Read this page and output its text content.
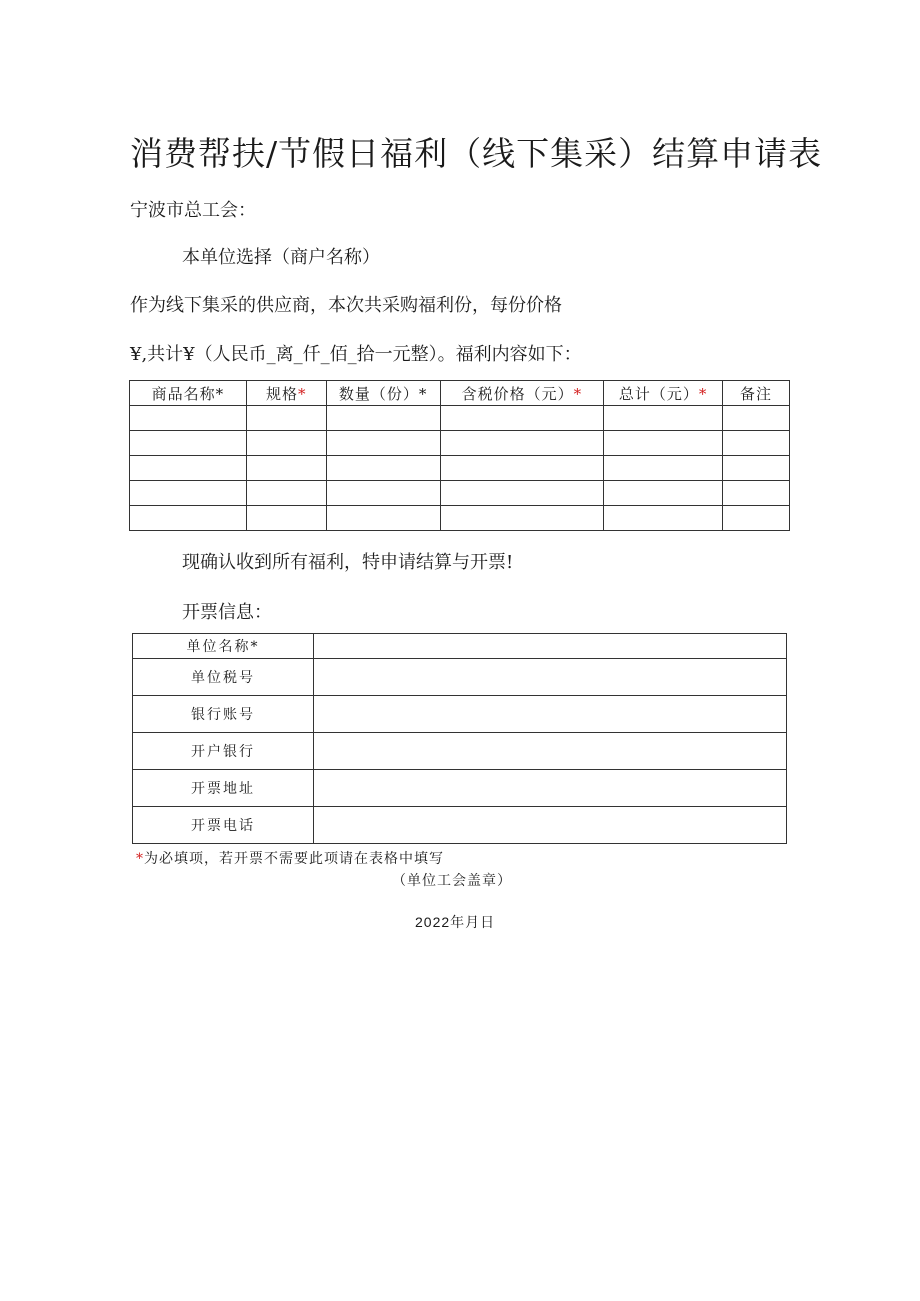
消费帮扶/节假日福利（线下集采）结算申请表
宁波市总工会：
本单位选择（商户名称）
作为线下集采的供应商，本次共采购福利份，每份价格
¥,共计¥（人民币_离_仟_佰_拾一元整）。福利内容如下：
商品名称*	规格*	数量（份）*	含税价格（元）*	总计（元）*	备注

现确认收到所有福利，特申请结算与开票!
开票信息：
单位名称*	
单位税号	
银行账号	
开户银行	
开票地址	
开票电话	
*为必填项，若开票不需要此项请在表格中填写
（单位工会盖章）
2022年月日
